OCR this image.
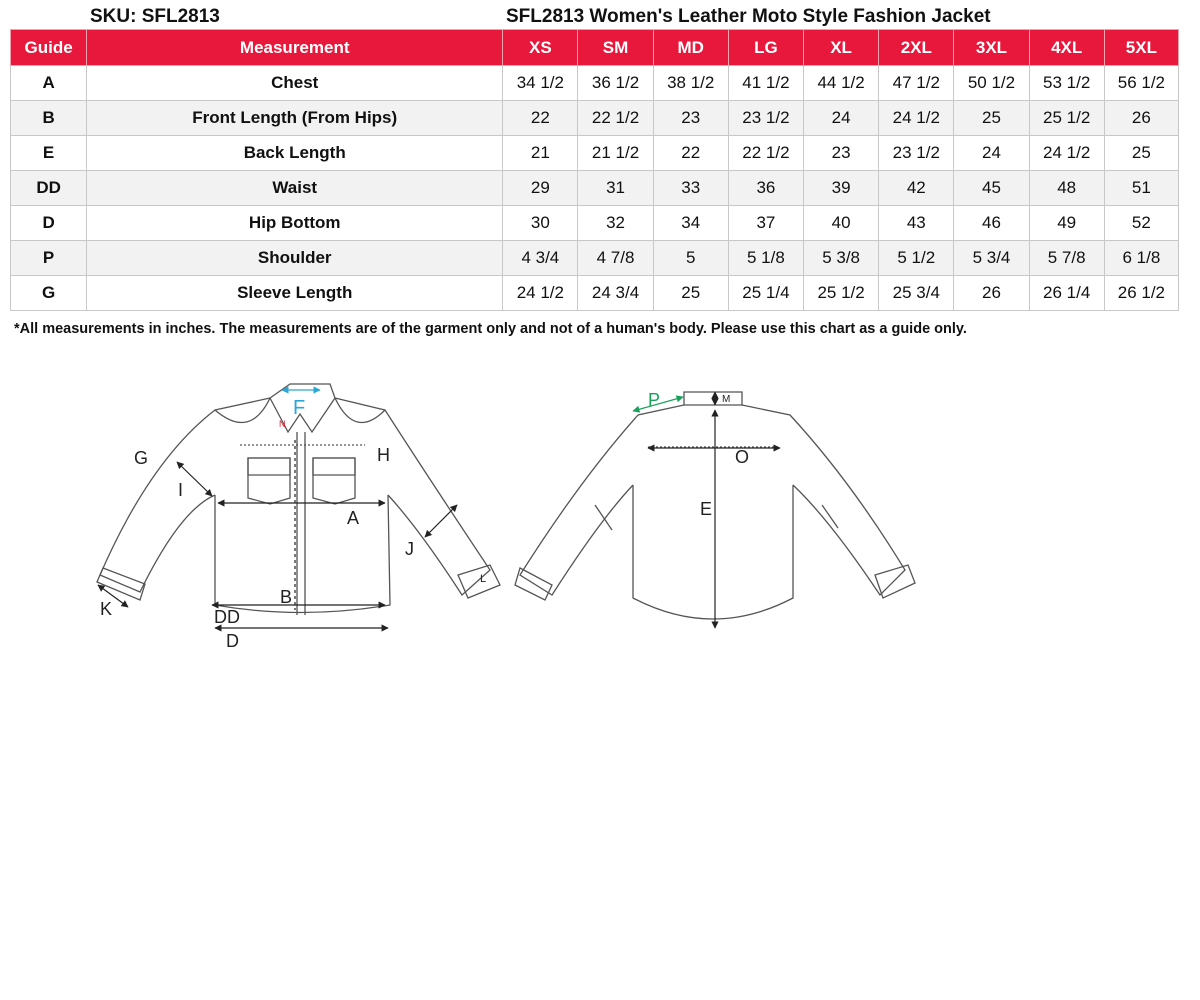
SKU: SFL2813	SFL2813 Women's Leather Moto Style Fashion Jacket
Guide	Measurement	XS	SM	MD	LG	XL	2XL	3XL	4XL	5XL
A	Chest	34 1/2	36 1/2	38 1/2	41 1/2	44 1/2	47 1/2	50 1/2	53 1/2	56 1/2
B	Front Length (From Hips)	22	22 1/2	23	23 1/2	24	24 1/2	25	25 1/2	26
E	Back Length	21	21 1/2	22	22 1/2	23	23 1/2	24	24 1/2	25
DD	Waist	29	31	33	36	39	42	45	48	51
D	Hip Bottom	30	32	34	37	40	43	46	49	52
P	Shoulder	4 3/4	4 7/8	5	5 1/8	5 3/8	5 1/2	5 3/4	5 7/8	6 1/8
G	Sleeve Length	24 1/2	24 3/4	25	25 1/4	25 1/2	25 3/4	26	26 1/4	26 1/2
*All measurements in inches. The measurements are of the garment only and not of a human's body. Please use this chart as a guide only.
G
I
F
H
A
J
B
DD
D
K
L
N
P	M
O
E
